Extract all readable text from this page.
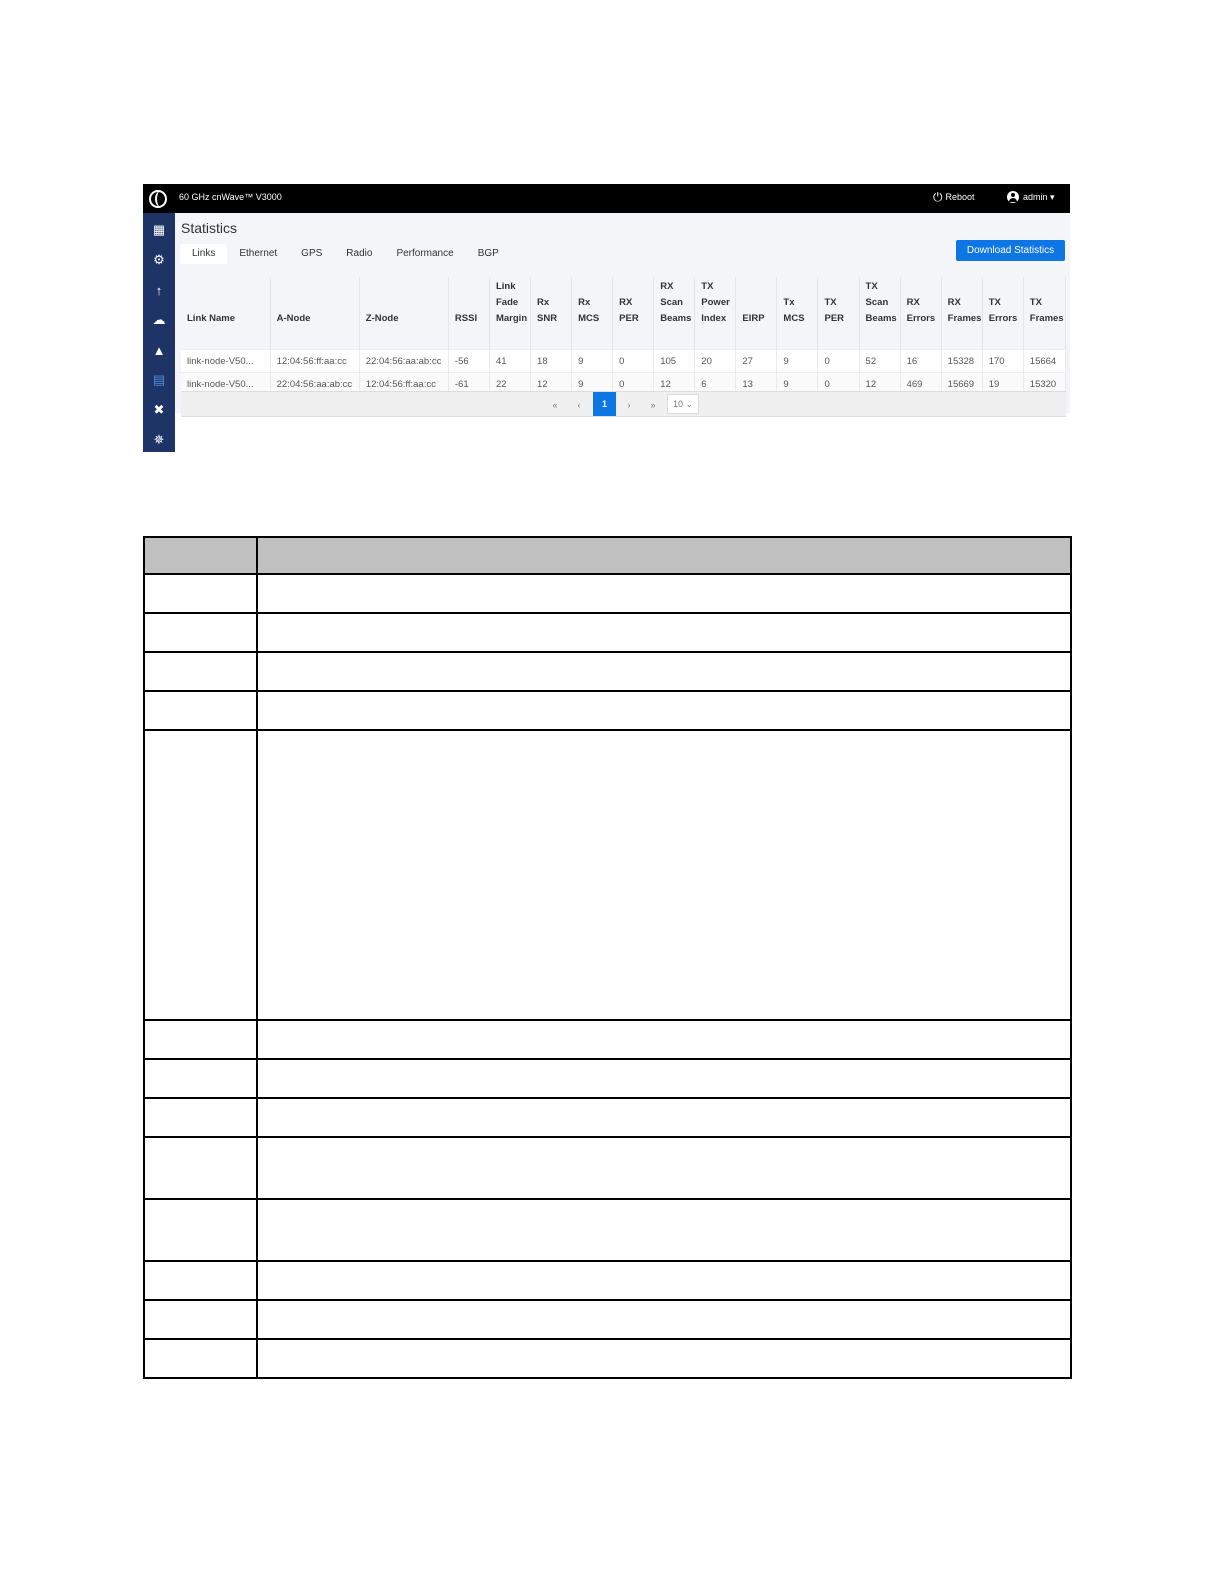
60 GHz cnWave™ V3000	⏻ Reboot	admin ▾
▦
⚙
↑
☁
▲
▤
✖
✵
Statistics
Links	Ethernet	GPS	Radio	Performance	BGP	Download Statistics
Link Name	A-Node	Z-Node	RSSI	Link Fade Margin	Rx SNR	Rx MCS	RX PER	RX Scan Beams	TX Power Index	EIRP	Tx MCS	TX PER	TX Scan Beams	RX Errors	RX Frames	TX Errors	TX Frames
link-node-V50...	12:04:56:ff:aa:cc	22:04:56:aa:ab:cc	-56	41	18	9	0	105	20	27	9	0	52	16	15328	170	15664
link-node-V50...	22:04:56:aa:ab:cc	12:04:56:ff:aa:cc	-61	22	12	9	0	12	6	13	9	0	12	469	15669	19	15320
«	‹	1	›	»	10 ⌄
